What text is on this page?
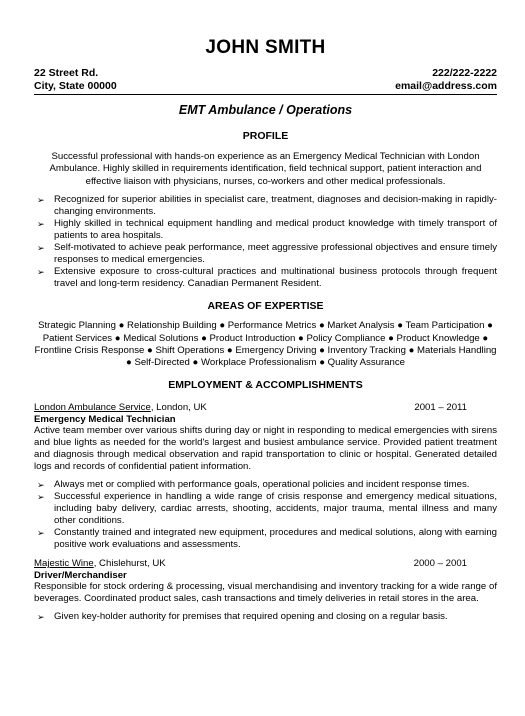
JOHN SMITH
22 Street Rd.
City, State 00000
222/222-2222
email@address.com
EMT Ambulance / Operations
PROFILE
Successful professional with hands-on experience as an Emergency Medical Technician with London Ambulance. Highly skilled in requirements identification, field technical support, patient interaction and effective liaison with physicians, nurses, co-workers and other medical professionals.
➢ Recognized for superior abilities in specialist care, treatment, diagnoses and decision-making in rapidly-changing environments.
➢ Highly skilled in technical equipment handling and medical product knowledge with timely transport of patients to area hospitals.
➢ Self-motivated to achieve peak performance, meet aggressive professional objectives and ensure timely responses to medical emergencies.
➢ Extensive exposure to cross-cultural practices and multinational business protocols through frequent travel and long-term residency. Canadian Permanent Resident.
AREAS OF EXPERTISE
Strategic Planning ● Relationship Building ● Performance Metrics ● Market Analysis ● Team Participation ● Patient Services ● Medical Solutions ● Product Introduction ● Policy Compliance ● Product Knowledge ● Frontline Crisis Response ● Shift Operations ● Emergency Driving ● Inventory Tracking ● Materials Handling ● Self-Directed ● Workplace Professionalism ● Quality Assurance
EMPLOYMENT & ACCOMPLISHMENTS
London Ambulance Service, London, UK	2001 – 2011
Emergency Medical Technician
Active team member over various shifts during day or night in responding to medical emergencies with sirens and blue lights as needed for the world's largest and busiest ambulance service. Provided patient treatment and diagnosis through medical observation and rapid transportation to clinic or hospital. Generated detailed logs and records of confidential patient information.
➢ Always met or complied with performance goals, operational policies and incident response times.
➢ Successful experience in handling a wide range of crisis response and emergency medical situations, including baby delivery, cardiac arrests, shooting, accidents, major trauma, mental illness and many other conditions.
➢ Constantly trained and integrated new equipment, procedures and medical solutions, along with earning positive work evaluations and assessments.
Majestic Wine, Chislehurst, UK	2000 – 2001
Driver/Merchandiser
Responsible for stock ordering & processing, visual merchandising and inventory tracking for a wide range of beverages. Coordinated product sales, cash transactions and timely deliveries in retail stores in the area.
➢ Given key-holder authority for premises that required opening and closing on a regular basis.
